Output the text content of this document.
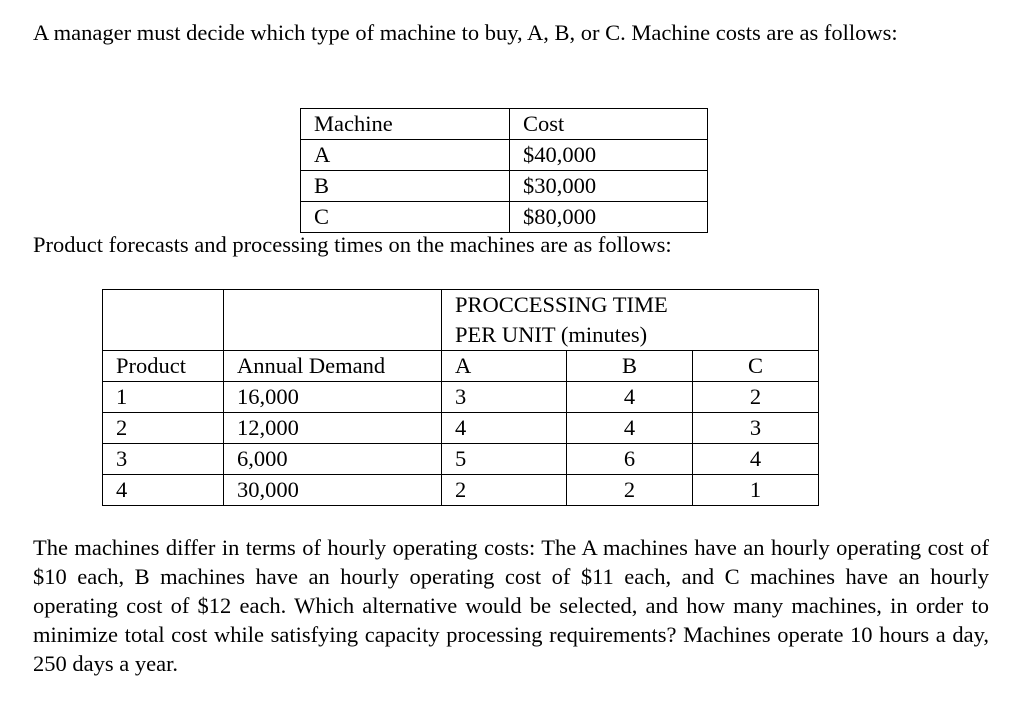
A manager must decide which type of machine to buy, A, B, or C. Machine costs are as follows:

Machine	Cost
A	$40,000
B	$30,000
C	$80,000

Product forecasts and processing times on the machines are as follows:

		PROCCESSING TIME
PER UNIT (minutes)		

Product	Annual Demand	A	B	C
1	16,000	3	4	2
2	12,000	4	4	3
3	6,000	5	6	4
4	30,000	2	2	1

The machines differ in terms of hourly operating costs: The A machines have an hourly operating cost of $10 each, B machines have an hourly operating cost of $11 each, and C machines have an hourly operating cost of $12 each. Which alternative would be selected, and how many machines, in order to minimize total cost while satisfying capacity processing requirements? Machines operate 10 hours a day, 250 days a year.
